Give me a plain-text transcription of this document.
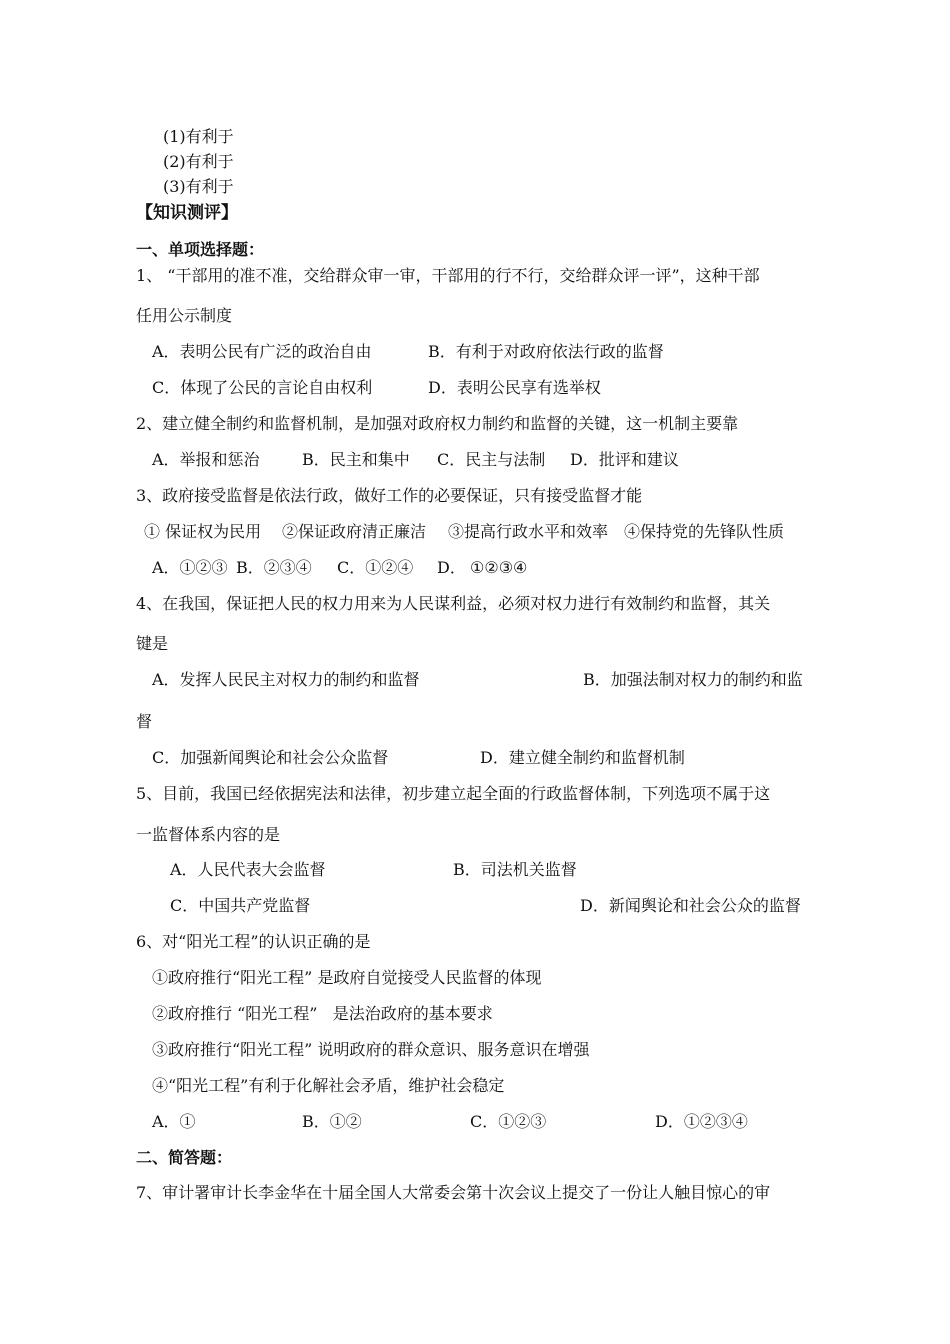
(1)有利于
(2)有利于
(3)有利于
【知识测评】
一、单项选择题：
1、 “干部用的准不准，交给群众审一审，干部用的行不行，交给群众评一评”，这种干部
任用公示制度
A．表明公民有广泛的政治自由	B．有利于对政府依法行政的监督
C．体现了公民的言论自由权利	D．表明公民享有选举权
2、建立健全制约和监督机制，是加强对政府权力制约和监督的关键，这一机制主要靠
A．举报和惩治	B．民主和集中 C．民主与法制 D．批评和建议
3、政府接受监督是依法行政，做好工作的必要保证，只有接受监督才能
① 保证权为民用 ②保证政府清正廉洁 ③提高行政水平和效率 ④保持党的先锋队性质
A．①②③ B．②③④ C．①②④ D． ①②③④
4、在我国，保证把人民的权力用来为人民谋利益，必须对权力进行有效制约和监督，其关
键是
A．发挥人民民主对权力的制约和监督	B．加强法制对权力的制约和监
督
C．加强新闻舆论和社会公众监督	D．建立健全制约和监督机制
5、目前，我国已经依据宪法和法律，初步建立起全面的行政监督体制，下列选项不属于这
一监督体系内容的是
A．人民代表大会监督	B．司法机关监督
C．中国共产党监督	D．新闻舆论和社会公众的监督
6、对“阳光工程”的认识正确的是
①政府推行“阳光工程” 是政府自觉接受人民监督的体现
②政府推行 “阳光工程”   是法治政府的基本要求
③政府推行“阳光工程” 说明政府的群众意识、服务意识在增强
④“阳光工程”有利于化解社会矛盾，维护社会稳定
A．①	B．①②	C．①②③	D．①②③④
二、简答题：
7、审计署审计长李金华在十届全国人大常委会第十次会议上提交了一份让人触目惊心的审
